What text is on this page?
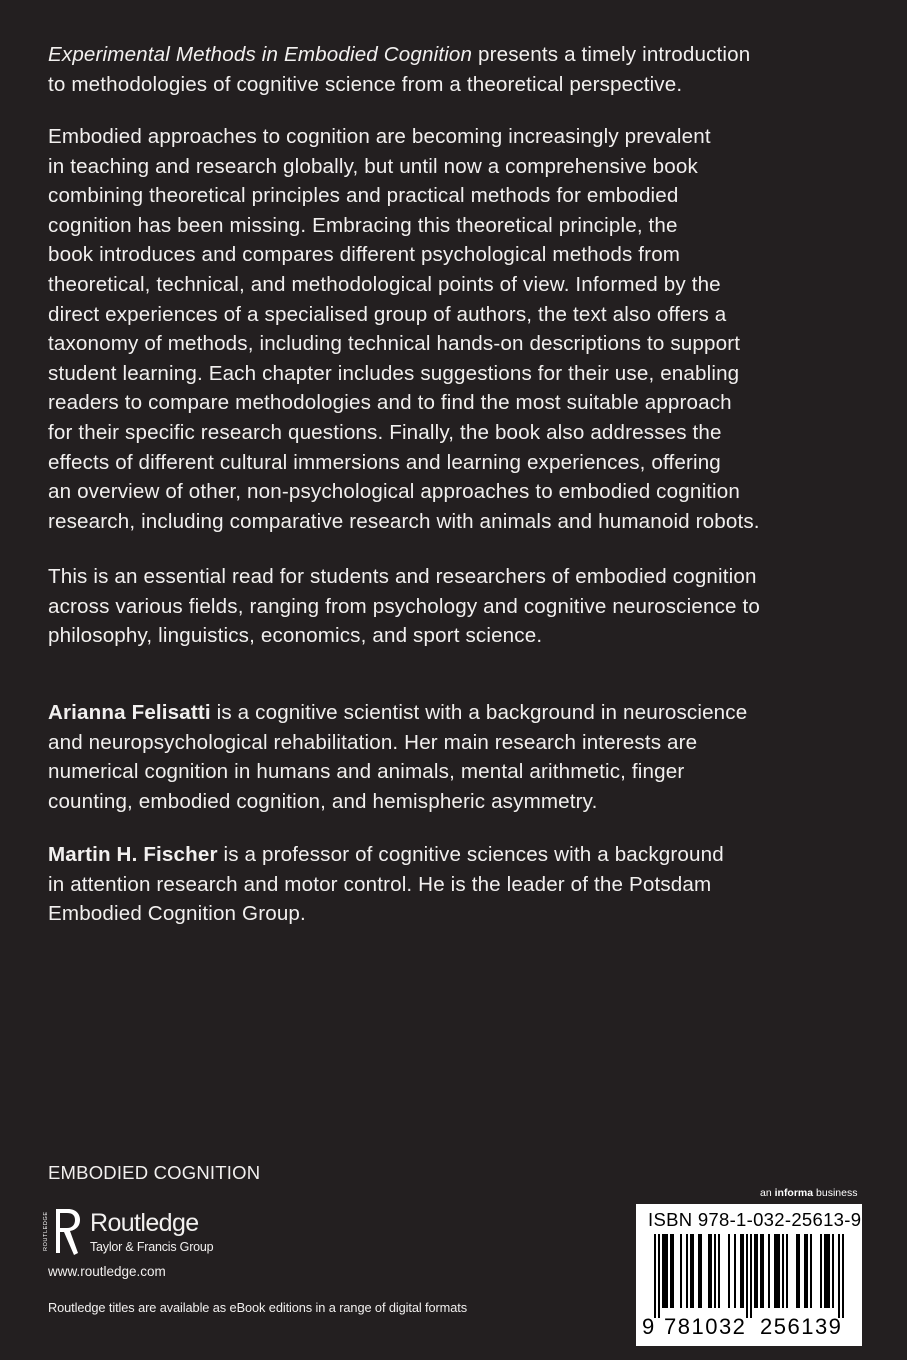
Experimental Methods in Embodied Cognition presents a timely introduction
to methodologies of cognitive science from a theoretical perspective.

Embodied approaches to cognition are becoming increasingly prevalent
in teaching and research globally, but until now a comprehensive book
combining theoretical principles and practical methods for embodied
cognition has been missing. Embracing this theoretical principle, the
book introduces and compares different psychological methods from
theoretical, technical, and methodological points of view. Informed by the
direct experiences of a specialised group of authors, the text also offers a
taxonomy of methods, including technical hands-on descriptions to support
student learning. Each chapter includes suggestions for their use, enabling
readers to compare methodologies and to find the most suitable approach
for their specific research questions. Finally, the book also addresses the
effects of different cultural immersions and learning experiences, offering
an overview of other, non-psychological approaches to embodied cognition
research, including comparative research with animals and humanoid robots.

This is an essential read for students and researchers of embodied cognition
across various fields, ranging from psychology and cognitive neuroscience to
philosophy, linguistics, economics, and sport science.

Arianna Felisatti is a cognitive scientist with a background in neuroscience
and neuropsychological rehabilitation. Her main research interests are
numerical cognition in humans and animals, mental arithmetic, finger
counting, embodied cognition, and hemispheric asymmetry.

Martin H. Fischer is a professor of cognitive sciences with a background
in attention research and motor control. He is the leader of the Potsdam
Embodied Cognition Group.

EMBODIED COGNITION
ROUTLEDGE Routledge
Taylor & Francis Group
www.routledge.com
Routledge titles are available as eBook editions in a range of digital formats
an informa business
ISBN 978-1-032-25613-9
9 781032 256139
